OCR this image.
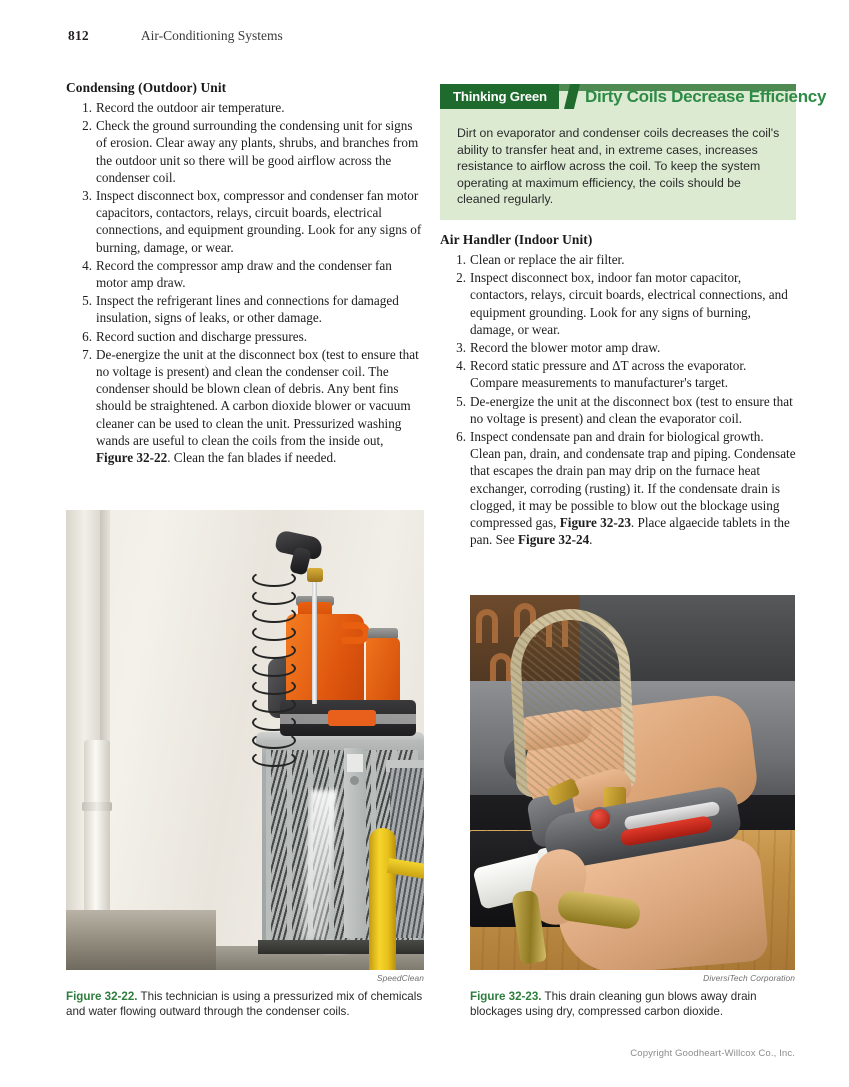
812	Air-Conditioning Systems
Condensing (Outdoor) Unit
Record the outdoor air temperature.
Check the ground surrounding the condensing unit for signs of erosion. Clear away any plants, shrubs, and branches from the outdoor unit so there will be good airflow across the condenser coil.
Inspect disconnect box, compressor and condenser fan motor capacitors, contactors, relays, circuit boards, electrical connections, and equipment grounding. Look for any signs of burning, damage, or wear.
Record the compressor amp draw and the condenser fan motor amp draw.
Inspect the refrigerant lines and connections for damaged insulation, signs of leaks, or other damage.
Record suction and discharge pressures.
De-energize the unit at the disconnect box (test to ensure that no voltage is present) and clean the condenser coil. The condenser should be blown clean of debris. Any bent fins should be straightened. A carbon dioxide blower or vacuum cleaner can be used to clean the unit. Pressurized washing wands are useful to clean the coils from the inside out, Figure 32-22. Clean the fan blades if needed.
Thinking Green Dirty Coils Decrease Efficiency
Dirt on evaporator and condenser coils decreases the coil's ability to transfer heat and, in extreme cases, increases resistance to airflow across the coil. To keep the system operating at maximum efficiency, the coils should be cleaned regularly.
Air Handler (Indoor Unit)
Clean or replace the air filter.
Inspect disconnect box, indoor fan motor capacitor, contactors, relays, circuit boards, electrical connections, and equipment grounding. Look for any signs of burning, damage, or wear.
Record the blower motor amp draw.
Record static pressure and ΔT across the evaporator. Compare measurements to manufacturer's target.
De-energize the unit at the disconnect box (test to ensure that no voltage is present) and clean the evaporator coil.
Inspect condensate pan and drain for biological growth. Clean pan, drain, and condensate trap and piping. Condensate that escapes the drain pan may drip on the furnace heat exchanger, corroding (rusting) it. If the condensate drain is clogged, it may be possible to blow out the blockage using compressed gas, Figure 32-23. Place algaecide tablets in the pan. See Figure 32-24.
SpeedClean
Figure 32-22. This technician is using a pressurized mix of chemicals and water flowing outward through the condenser coils.
DiversiTech Corporation
Figure 32-23. This drain cleaning gun blows away drain blockages using dry, compressed carbon dioxide.
Copyright Goodheart-Willcox Co., Inc.
